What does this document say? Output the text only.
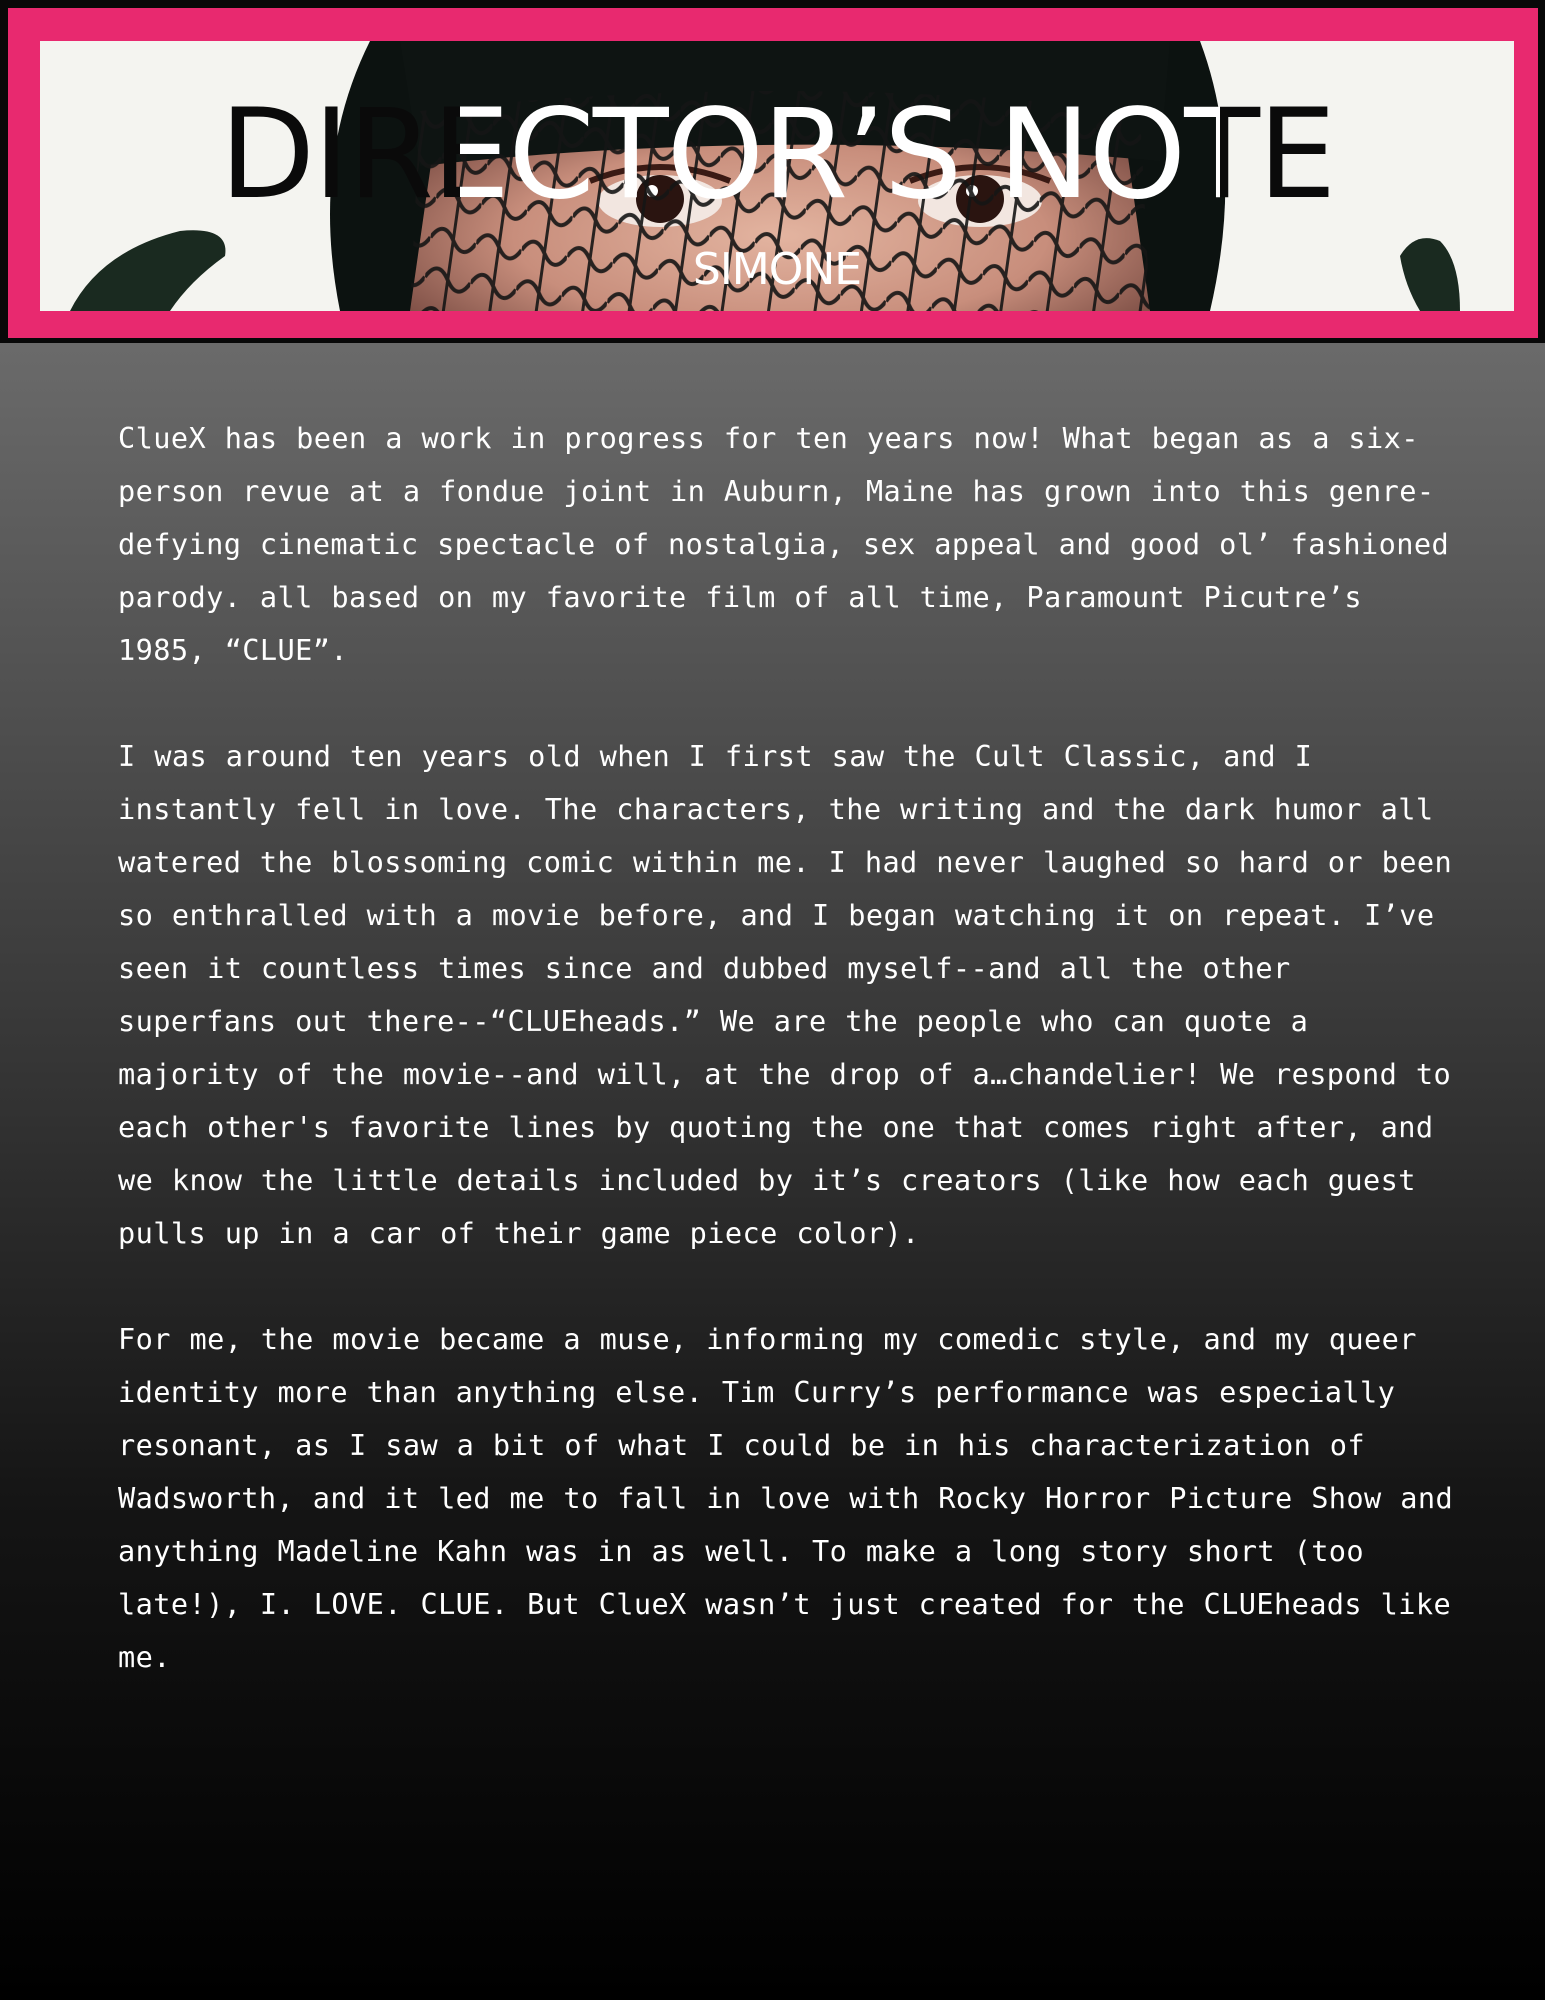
DIRECTOR’S NOTE
SIMONE

ClueX has been a work in progress for ten years now! What began as a six-person revue at a fondue joint in Auburn, Maine has grown into this genre-defying cinematic spectacle of nostalgia, sex appeal and good ol’ fashioned parody. all based on my favorite film of all time, Paramount Picutre’s 1985, “CLUE”.

I was around ten years old when I first saw the Cult Classic, and I instantly fell in love. The characters, the writing and the dark humor all watered the blossoming comic within me. I had never laughed so hard or been so enthralled with a movie before, and I began watching it on repeat. I’ve seen it countless times since and dubbed myself--and all the other superfans out there--“CLUEheads.” We are the people who can quote a majority of the movie--and will, at the drop of a…chandelier! We respond to each other's favorite lines by quoting the one that comes right after, and we know the little details included by it’s creators (like how each guest pulls up in a car of their game piece color).

For me, the movie became a muse, informing my comedic style, and my queer identity more than anything else. Tim Curry’s performance was especially resonant, as I saw a bit of what I could be in his characterization of Wadsworth, and it led me to fall in love with Rocky Horror Picture Show and anything Madeline Kahn was in as well. To make a long story short (too late!), I. LOVE. CLUE. But ClueX wasn’t just created for the CLUEheads like me.
